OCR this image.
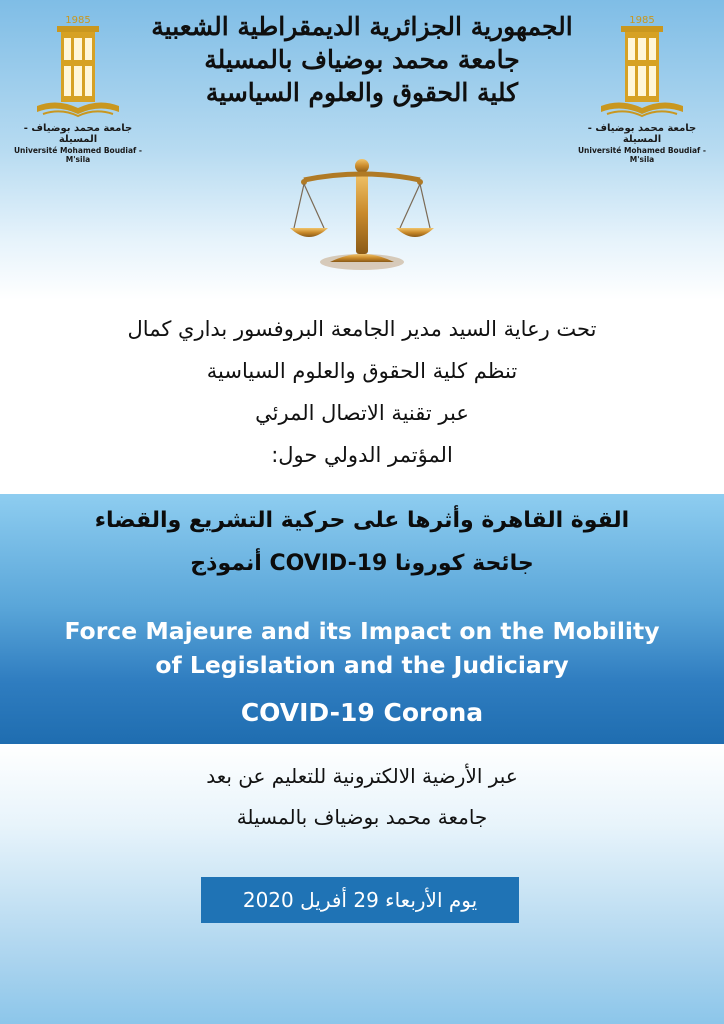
1985
جامعة محمد بوضياف - المسيلة
Université Mohamed Boudiaf - M'sila
1985
جامعة محمد بوضياف - المسيلة
Université Mohamed Boudiaf - M'sila
الجمهورية الجزائرية الديمقراطية الشعبية
جامعة محمد بوضياف بالمسيلة
كلية الحقوق والعلوم السياسية
تحت رعاية السيد مدير الجامعة البروفسور بداري كمال
تنظم كلية الحقوق والعلوم السياسية
عبر تقنية الاتصال المرئي
المؤتمر الدولي حول:
القوة القاهرة وأثرها على حركية التشريع والقضاء
جائحة كورونا COVID-19 أنموذج
Force Majeure and its Impact on the Mobility
of Legislation and the Judiciary
COVID-19 Corona
عبر الأرضية الالكترونية للتعليم عن بعد
جامعة محمد بوضياف بالمسيلة
يوم الأربعاء 29 أفريل 2020
